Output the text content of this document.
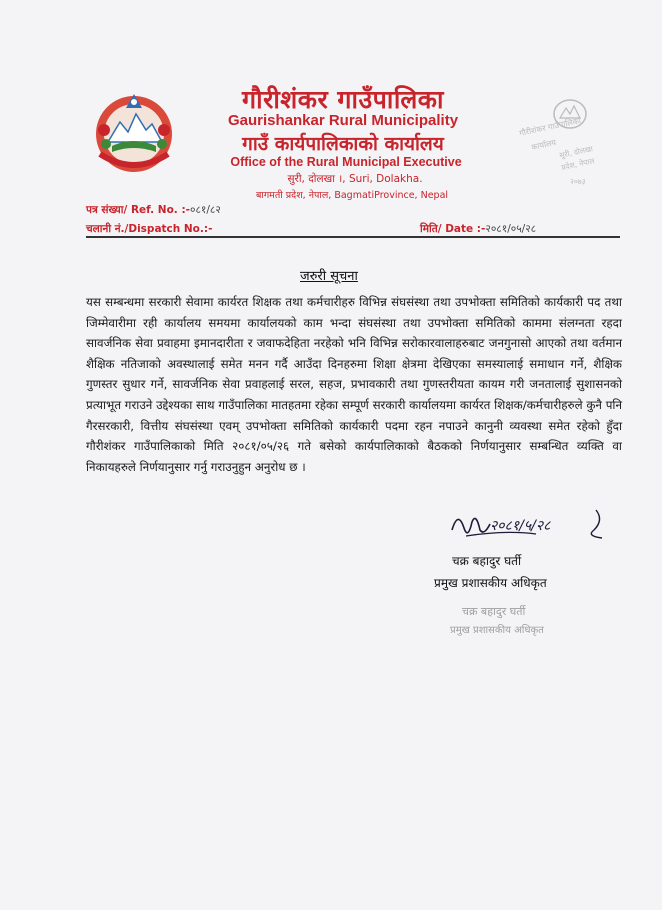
गौरीशंकर गाउँपालिका
Gaurishankar Rural Municipality
गाउँ कार्यपालिकाको कार्यालय
Office of the Rural Municipal Executive
सुरी, दोलखा ।, Suri, Dolakha.
बागमती प्रदेश, नेपाल, BagmatiProvince, Nepal
गौरीशंकर गाउँपालिका
कार्यालय सुरी, दोलखा
प्रदेश, नेपाल
२०७३
पत्र संख्या/ Ref. No. :-०८१/८२
चलानी नं./Dispatch No.:-	मिति/ Date :-२०८१/०५/२८
जरुरी सूचना
यस सम्बन्धमा सरकारी सेवामा कार्यरत शिक्षक तथा कर्मचारीहरु विभिन्न संघसंस्था तथा उपभोक्ता समितिको कार्यकारी पद तथा जिम्मेवारीमा रही कार्यालय समयमा कार्यालयको काम भन्दा संघसंस्था तथा उपभोक्ता समितिको काममा संलग्नता रहदा सावर्जनिक सेवा प्रवाहमा इमानदारीता र जवाफदेहिता नरहेको भनि विभिन्न सरोकारवालाहरुबाट जनगुनासो आएको तथा वर्तमान शैक्षिक नतिजाको अवस्थालाई समेत मनन गर्दै आउँदा दिनहरुमा शिक्षा क्षेत्रमा देखिएका समस्यालाई समाधान गर्ने, शैक्षिक गुणस्तर सुधार गर्ने, सावर्जनिक सेवा प्रवाहलाई सरल, सहज, प्रभावकारी तथा गुणस्तरीयता कायम गरी जनतालाई सुशासनको प्रत्याभूत गराउने उद्देश्यका साथ गाउँपालिका मातहतमा रहेका सम्पूर्ण सरकारी कार्यालयमा कार्यरत शिक्षक/कर्मचारीहरुले कुनै पनि गैरसरकारी, वित्तीय संघसंस्था एवम् उपभोक्ता समितिको कार्यकारी पदमा रहन नपाउने कानुनी व्यवस्था समेत रहेको हुँदा गौरीशंकर गाउँपालिकाको मिति २०८१/०५/२६ गते बसेको कार्यपालिकाको बैठकको निर्णयानुसार सम्बन्धित व्यक्ति वा निकायहरुले निर्णयानुसार गर्नु गराउनुहुन अनुरोध छ ।
२०८१/५/२८
चक्र बहादुर घर्ती
प्रमुख प्रशासकीय अधिकृत
चक्र बहादुर घर्ती
प्रमुख प्रशासकीय अधिकृत
